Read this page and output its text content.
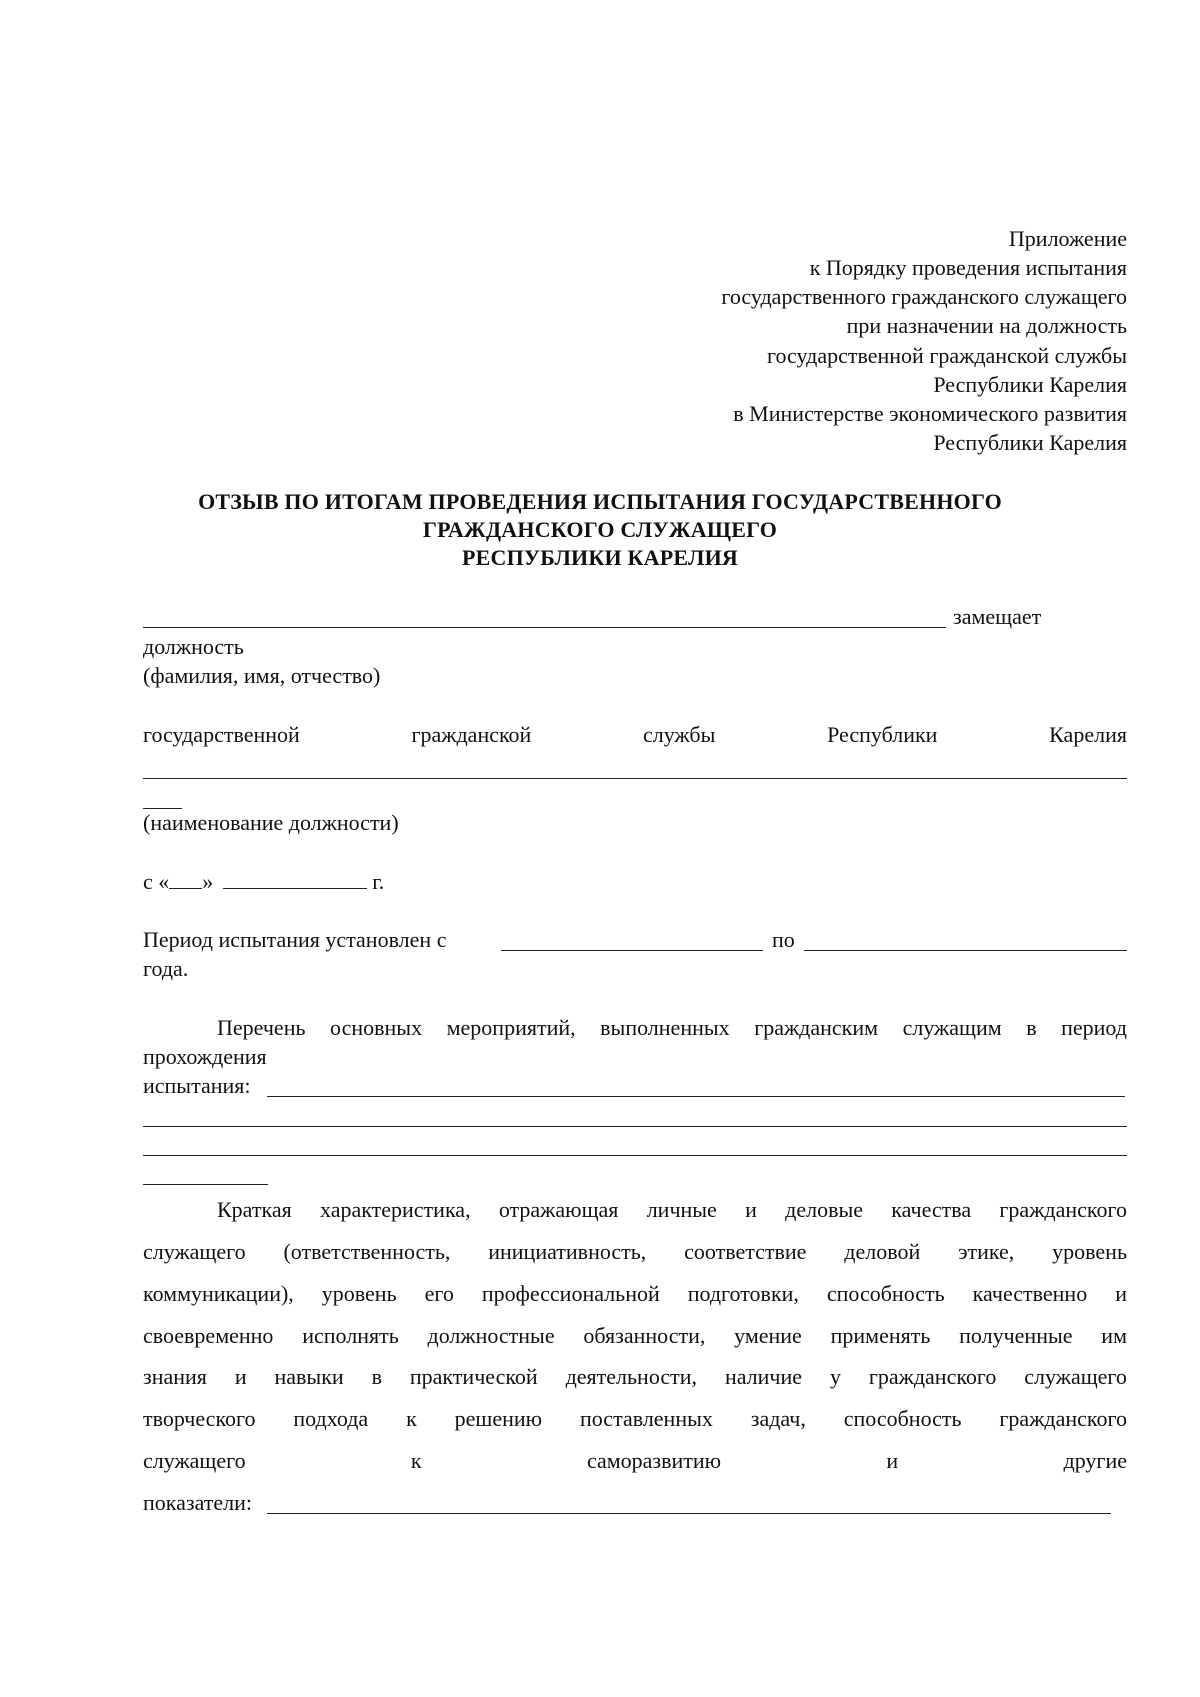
Приложение
к Порядку проведения испытания
государственного гражданского служащего
при назначении на должность
государственной гражданской службы
Республики Карелия
в Министерстве экономического развития
Республики Карелия
ОТЗЫВ ПО ИТОГАМ ПРОВЕДЕНИЯ ИСПЫТАНИЯ ГОСУДАРСТВЕННОГО
ГРАЖДАНСКОГО СЛУЖАЩЕГО
РЕСПУБЛИКИ КАРЕЛИЯ
замещает
должность
(фамилия, имя, отчество)
государственной	гражданской	службы	Республики	Карелия
(наименование должности)
с « »	г.
Период испытания установлен с	по
года.
Перечень основных мероприятий, выполненных гражданским служащим в период
прохождения
испытания:
Краткая характеристика, отражающая личные и деловые качества гражданского
служащего (ответственность, инициативность, соответствие деловой этике, уровень
коммуникации), уровень его профессиональной подготовки, способность качественно и
своевременно исполнять должностные обязанности, умение применять полученные им
знания и навыки в практической деятельности, наличие у гражданского служащего
творческого подхода к решению поставленных задач, способность гражданского
служащего	к	саморазвитию	и	другие
показатели:
